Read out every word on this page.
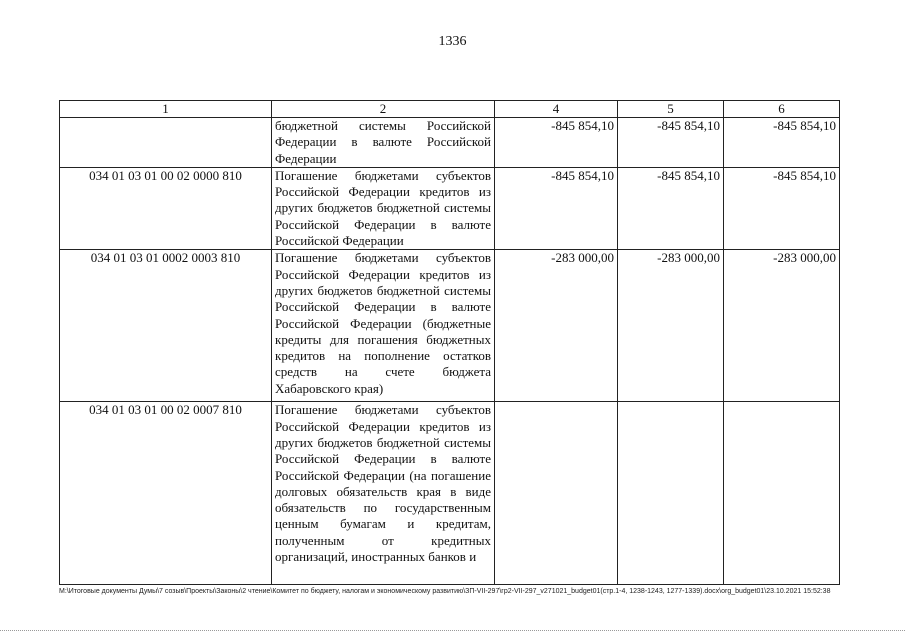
1336
1	2	4	5	6
	бюджетной системы Российской Федерации в валюте Российской Федерации	-845 854,10	-845 854,10	-845 854,10
034 01 03 01 00 02 0000 810	Погашение бюджетами субъектов Российской Федерации кредитов из других бюджетов бюджетной системы Российской Федерации в валюте Российской Федерации	-845 854,10	-845 854,10	-845 854,10
034 01 03 01 0002 0003 810	Погашение бюджетами субъектов Российской Федерации кредитов из других бюджетов бюджетной системы Российской Федерации в валюте Российской Федерации (бюджетные кредиты для погашения бюджетных кредитов на пополнение остатков средств на счете бюджета Хабаровского края)	-283 000,00	-283 000,00	-283 000,00
034 01 03 01 00 02 0007 810	Погашение бюджетами субъектов Российской Федерации кредитов из других бюджетов бюджетной системы Российской Федерации в валюте Российской Федерации (на погашение долговых обязательств края в виде обязательств по государственным ценным бумагам и кредитам, полученным от кредитных организаций, иностранных банков и			
M:\Итоговые документы Думы\7 созыв\Проекты\Законы\2 чтение\Комитет по бюджету, налогам и экономическому развитию\ЗП-VII-297\гр2-VII-297_v271021_budget01(стр.1-4, 1238-1243, 1277-1339).docx\org_budget01\23.10.2021 15:52:38
